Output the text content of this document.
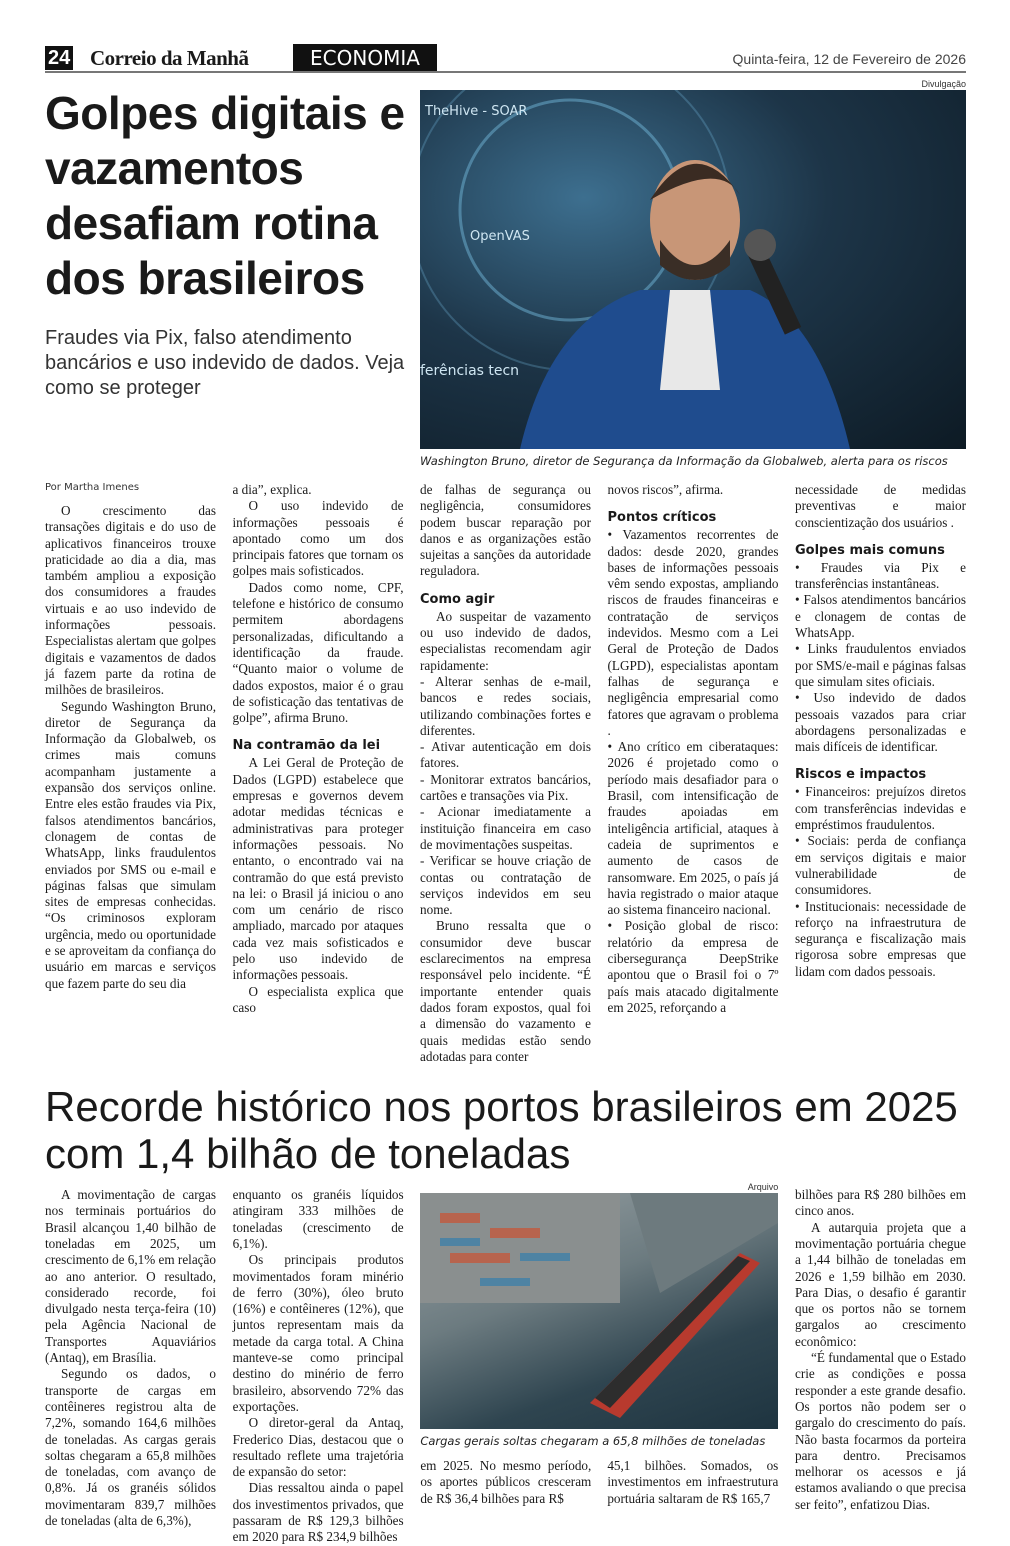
24 Correio da Manhã	ECONOMIA	Quinta-feira, 12 de Fevereiro de 2026
Golpes digitais e vazamentos desafiam rotina dos brasileiros
Fraudes via Pix, falso atendimento bancários e uso indevido de dados. Veja como se proteger
Divulgação
TheHive - SOAR
OpenVAS
ferências tecn
Washington Bruno, diretor de Segurança da Informação da Globalweb, alerta para os riscos

Por Martha Imenes

O crescimento das transações digitais e do uso de aplicativos financeiros trouxe praticidade ao dia a dia, mas também ampliou a exposição dos consumidores a fraudes virtuais e ao uso indevido de informações pessoais. Especialistas alertam que golpes digitais e vazamentos de dados já fazem parte da rotina de milhões de brasileiros.

Segundo Washington Bruno, diretor de Segurança da Informação da Globalweb, os crimes mais comuns acompanham justamente a expansão dos serviços online. Entre eles estão fraudes via Pix, falsos atendimentos bancários, clonagem de contas de WhatsApp, links fraudulentos enviados por SMS ou e-mail e páginas falsas que simulam sites de empresas conhecidas. “Os criminosos exploram urgência, medo ou oportunidade e se aproveitam da confiança do usuário em marcas e serviços que fazem parte do seu dia

a dia”, explica.

O uso indevido de informações pessoais é apontado como um dos principais fatores que tornam os golpes mais sofisticados.

Dados como nome, CPF, telefone e histórico de consumo permitem abordagens personalizadas, dificultando a identificação da fraude. “Quanto maior o volume de dados expostos, maior é o grau de sofisticação das tentativas de golpe”, afirma Bruno.

Na contramão da lei

A Lei Geral de Proteção de Dados (LGPD) estabelece que empresas e governos devem adotar medidas técnicas e administrativas para proteger informações pessoais. No entanto, o encontrado vai na contramão do que está previsto na lei: o Brasil já iniciou o ano com um cenário de risco ampliado, marcado por ataques cada vez mais sofisticados e pelo uso indevido de informações pessoais.

O especialista explica que caso

de falhas de segurança ou negligência, consumidores podem buscar reparação por danos e as organizações estão sujeitas a sanções da autoridade reguladora.

Como agir

Ao suspeitar de vazamento ou uso indevido de dados, especialistas recomendam agir rapidamente:

- Alterar senhas de e-mail, bancos e redes sociais, utilizando combinações fortes e diferentes.

- Ativar autenticação em dois fatores.

- Monitorar extratos bancários, cartões e transações via Pix.

- Acionar imediatamente a instituição financeira em caso de movimentações suspeitas.

- Verificar se houve criação de contas ou contratação de serviços indevidos em seu nome.

Bruno ressalta que o consumidor deve buscar esclarecimentos na empresa responsável pelo incidente. “É importante entender quais dados foram expostos, qual foi a dimensão do vazamento e quais medidas estão sendo adotadas para conter

novos riscos”, afirma.

Pontos críticos

• Vazamentos recorrentes de dados: desde 2020, grandes bases de informações pessoais vêm sendo expostas, ampliando riscos de fraudes financeiras e contratação de serviços indevidos. Mesmo com a Lei Geral de Proteção de Dados (LGPD), especialistas apontam falhas de segurança e negligência empresarial como fatores que agravam o problema .

• Ano crítico em ciberataques: 2026 é projetado como o período mais desafiador para o Brasil, com intensificação de fraudes apoiadas em inteligência artificial, ataques à cadeia de suprimentos e aumento de casos de ransomware. Em 2025, o país já havia registrado o maior ataque ao sistema financeiro nacional.

• Posição global de risco: relatório da empresa de cibersegurança DeepStrike apontou que o Brasil foi o 7º país mais atacado digitalmente em 2025, reforçando a

necessidade de medidas preventivas e maior conscientização dos usuários .

Golpes mais comuns

• Fraudes via Pix e transferências instantâneas.

• Falsos atendimentos bancários e clonagem de contas de WhatsApp.

• Links fraudulentos enviados por SMS/e-mail e páginas falsas que simulam sites oficiais.

• Uso indevido de dados pessoais vazados para criar abordagens personalizadas e mais difíceis de identificar.

Riscos e impactos

• Financeiros: prejuízos diretos com transferências indevidas e empréstimos fraudulentos.

• Sociais: perda de confiança em serviços digitais e maior vulnerabilidade de consumidores.

• Institucionais: necessidade de reforço na infraestrutura de segurança e fiscalização mais rigorosa sobre empresas que lidam com dados pessoais.

Recorde histórico nos portos brasileiros em 2025 com 1,4 bilhão de toneladas

A movimentação de cargas nos terminais portuários do Brasil alcançou 1,40 bilhão de toneladas em 2025, um crescimento de 6,1% em relação ao ano anterior. O resultado, considerado recorde, foi divulgado nesta terça-feira (10) pela Agência Nacional de Transportes Aquaviários (Antaq), em Brasília.

Segundo os dados, o transporte de cargas em contêineres registrou alta de 7,2%, somando 164,6 milhões de toneladas. As cargas gerais soltas chegaram a 65,8 milhões de toneladas, com avanço de 0,8%. Já os granéis sólidos movimentaram 839,7 milhões de toneladas (alta de 6,3%),

enquanto os granéis líquidos atingiram 333 milhões de toneladas (crescimento de 6,1%).

Os principais produtos movimentados foram minério de ferro (30%), óleo bruto (16%) e contêineres (12%), que juntos representam mais da metade da carga total. A China manteve-se como principal destino do minério de ferro brasileiro, absorvendo 72% das exportações.

O diretor-geral da Antaq, Frederico Dias, destacou que o resultado reflete uma trajetória de expansão do setor:

Dias ressaltou ainda o papel dos investimentos privados, que passaram de R$ 129,3 bilhões em 2020 para R$ 234,9 bilhões

Arquivo
Cargas gerais soltas chegaram a 65,8 milhões de toneladas

em 2025. No mesmo período, os aportes públicos cresceram de R$ 36,4 bilhões para R$

45,1 bilhões. Somados, os investimentos em infraestrutura portuária saltaram de R$ 165,7

bilhões para R$ 280 bilhões em cinco anos.

A autarquia projeta que a movimentação portuária chegue a 1,44 bilhão de toneladas em 2026 e 1,59 bilhão em 2030. Para Dias, o desafio é garantir que os portos não se tornem gargalos ao crescimento econômico:

“É fundamental que o Estado crie as condições e possa responder a este grande desafio. Os portos não podem ser o gargalo do crescimento do país. Não basta focarmos da porteira para dentro. Precisamos melhorar os acessos e já estamos avaliando o que precisa ser feito”, enfatizou Dias.
